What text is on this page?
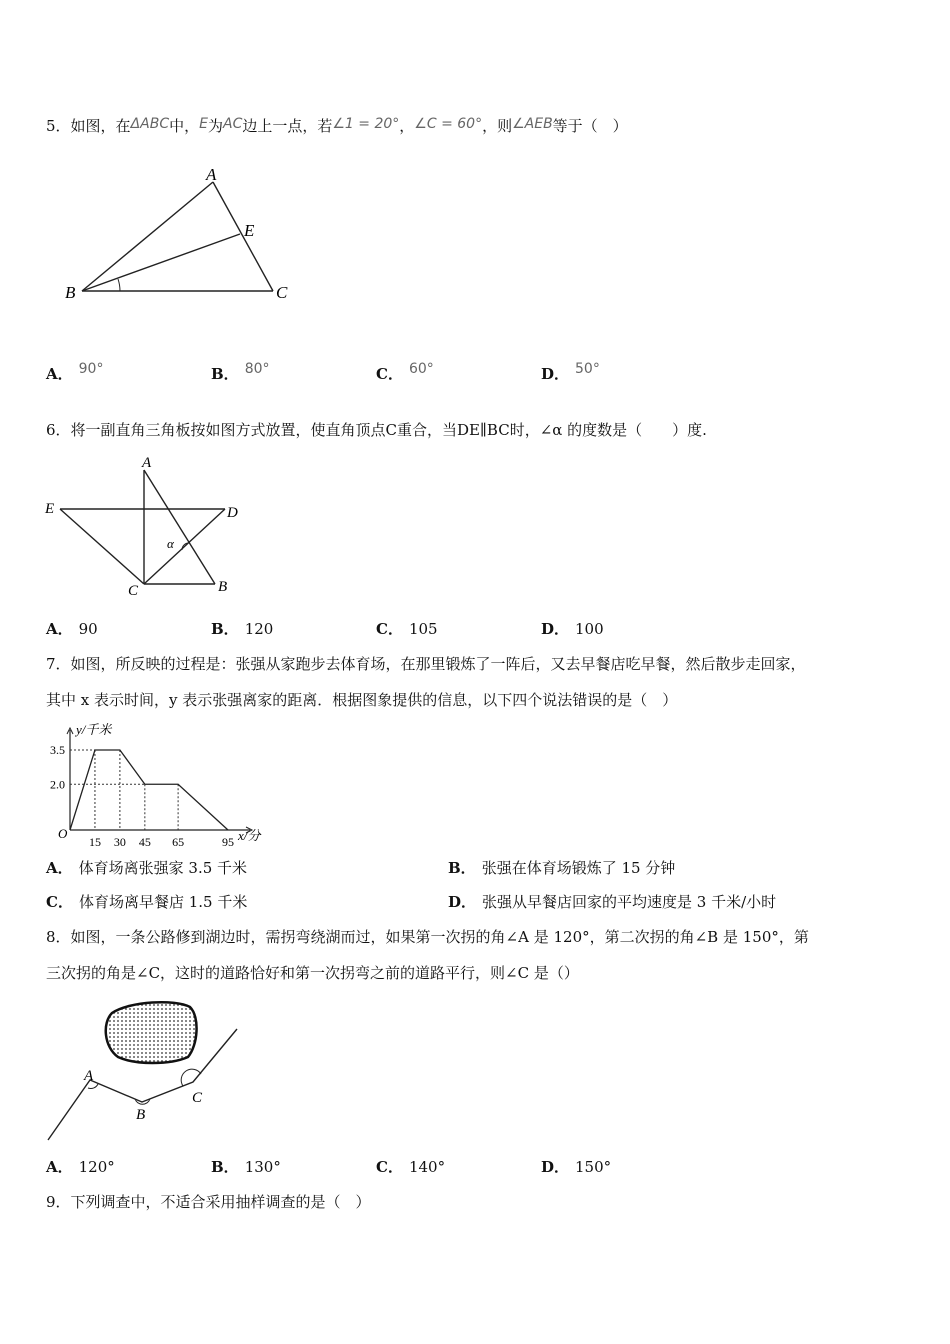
5．如图，在ΔABC中，E为AC边上一点，若∠1 = 20°，∠C = 60°，则∠AEB等于（　）
A
B	C
E
A． 90°	B． 80°	C． 60°	D． 50°
6．将一副直角三角板按如图方式放置，使直角顶点C重合，当DE∥BC时，∠α 的度数是（　　）度.
A
B
C
D
E
α
A． 90	B． 120	C． 105	D． 100
7．如图，所反映的过程是：张强从家跑步去体育场，在那里锻炼了一阵后，又去早餐店吃早餐，然后散步走回家，
其中 x 表示时间，y 表示张强离家的距离．根据图象提供的信息，以下四个说法错误的是（　）
15 30 45 65	95
3.5
2.0
y/千米
x/分
O
A． 体育场离张强家 3.5 千米	B． 张强在体育场锻炼了 15 分钟
C． 体育场离早餐店 1.5 千米	D． 张强从早餐店回家的平均速度是 3 千米/小时
8．如图，一条公路修到湖边时，需拐弯绕湖而过，如果第一次拐的角∠A 是 120°，第二次拐的角∠B 是 150°，第
三次拐的角是∠C，这时的道路恰好和第一次拐弯之前的道路平行，则∠C 是（）
A
B
C
A． 120°	B． 130°	C． 140°	D． 150°
9．下列调查中，不适合采用抽样调查的是（　）
